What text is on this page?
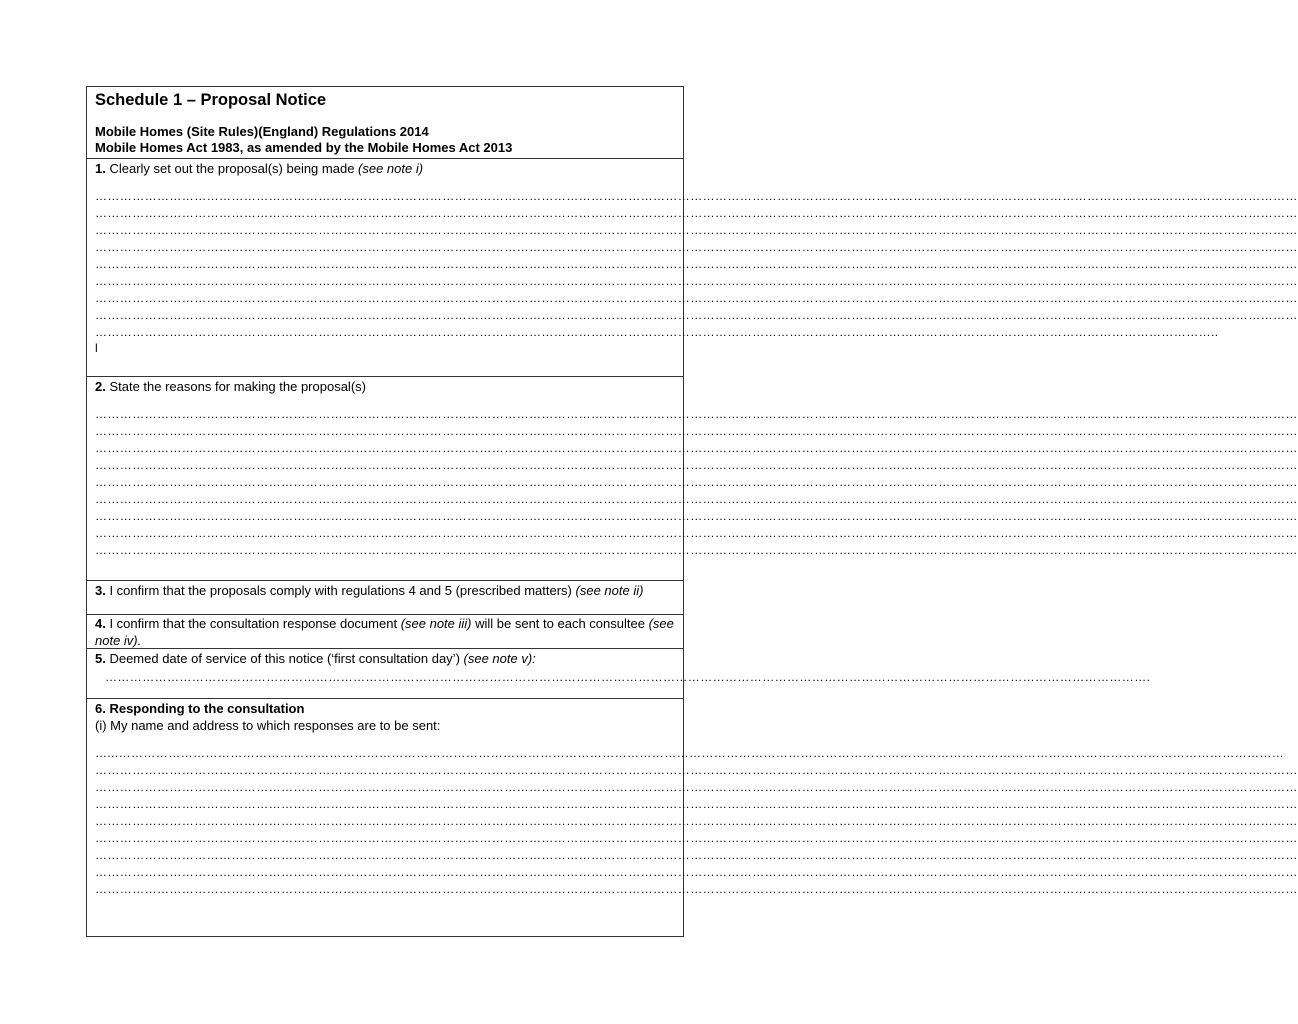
Schedule 1 – Proposal Notice

Mobile Homes (Site Rules)(England) Regulations 2014

Mobile Homes Act 1983, as amended by the Mobile Homes Act 2013

1. Clearly set out the proposal(s) being made (see note i)

…………………………………………………………………………………………………………………………………………………………………………………………………………………………………………………………………

…………………………………………………………………………………………………………………………………………………………………………………………………………………………………………………………………

…………………………………………………………………………………………………………………………………………………………………………………………………………………………………………………………………

…………………………………………………………………………………………………………………………………………………………………………………………………………………………………………………………………

…………………………………………………………………………………………………………………………………………………………………………………………………………………………………………………………………

…………………………………………………………………………………………………………………………………………………………………………………………………………………………………………………………………

…………………………………………………………………………………………………………………………………………………………………………………………………………………………………………………………………

…………………………………………………………………………………………………………………………………………………………………………………………………………………………………………………………………

………………………………………………………………………………………………………………………………………………………………………………………………………………………………………………..

l

2. State the reasons for making the proposal(s)

…………………………………………………………………………………………………………………………………………………………………………………………………………………………………………………………………

…………………………………………………………………………………………………………………………………………………………………………………………………………………………………………………………………

…………………………………………………………………………………………………………………………………………………………………………………………………………………………………………………………………

…………………………………………………………………………………………………………………………………………………………………………………………………………………………………………………………………

…………………………………………………………………………………………………………………………………………………………………………………………………………………………………………………………………

…………………………………………………………………………………………………………………………………………………………………………………………………………………………………………………………………

…………………………………………………………………………………………………………………………………………………………………………………………………………………………………………………………………

…………………………………………………………………………………………………………………………………………………………………………………………………………………………………………………………………

…………………………………………………………………………………………………………………………………………………………………………………………………………………………………………………………………

3. I confirm that the proposals comply with regulations 4 and 5 (prescribed matters) (see note ii)

4. I confirm that the consultation response document (see note iii) will be sent to each consultee (see note iv).

5. Deemed date of service of this notice (‘first consultation day’) (see note v):

……………………………………………………………………………………………………………………………………………………………………………………………………………………………….

6. Responding to the consultation

(i) My name and address to which responses are to be sent:

…...…………………………………………………………………………………………………………………………………………………………………………………………………………………………………………………………

…………………………………………………………………………………………………………………………………………………………………………………………………………………………………………………………………

…………………………………………………………………………………………………………………………………………………………………………………………………………………………………………………………………

…………………………………………………………………………………………………………………………………………………………………………………………………………………………………………………………………

…………………………………………………………………………………………………………………………………………………………………………………………………………………………………………………………………

…………………………………………………………………………………………………………………………………………………………………………………………………………………………………………………………………

…………………………………………………………………………………………………………………………………………………………………………………………………………………………………………………………………

…………………………………………………………………………………………………………………………………………………………………………………………………………………………………………………………………

…………………………………………………………………………………………………………………………………………………………………………………………………………………………………………………………………
